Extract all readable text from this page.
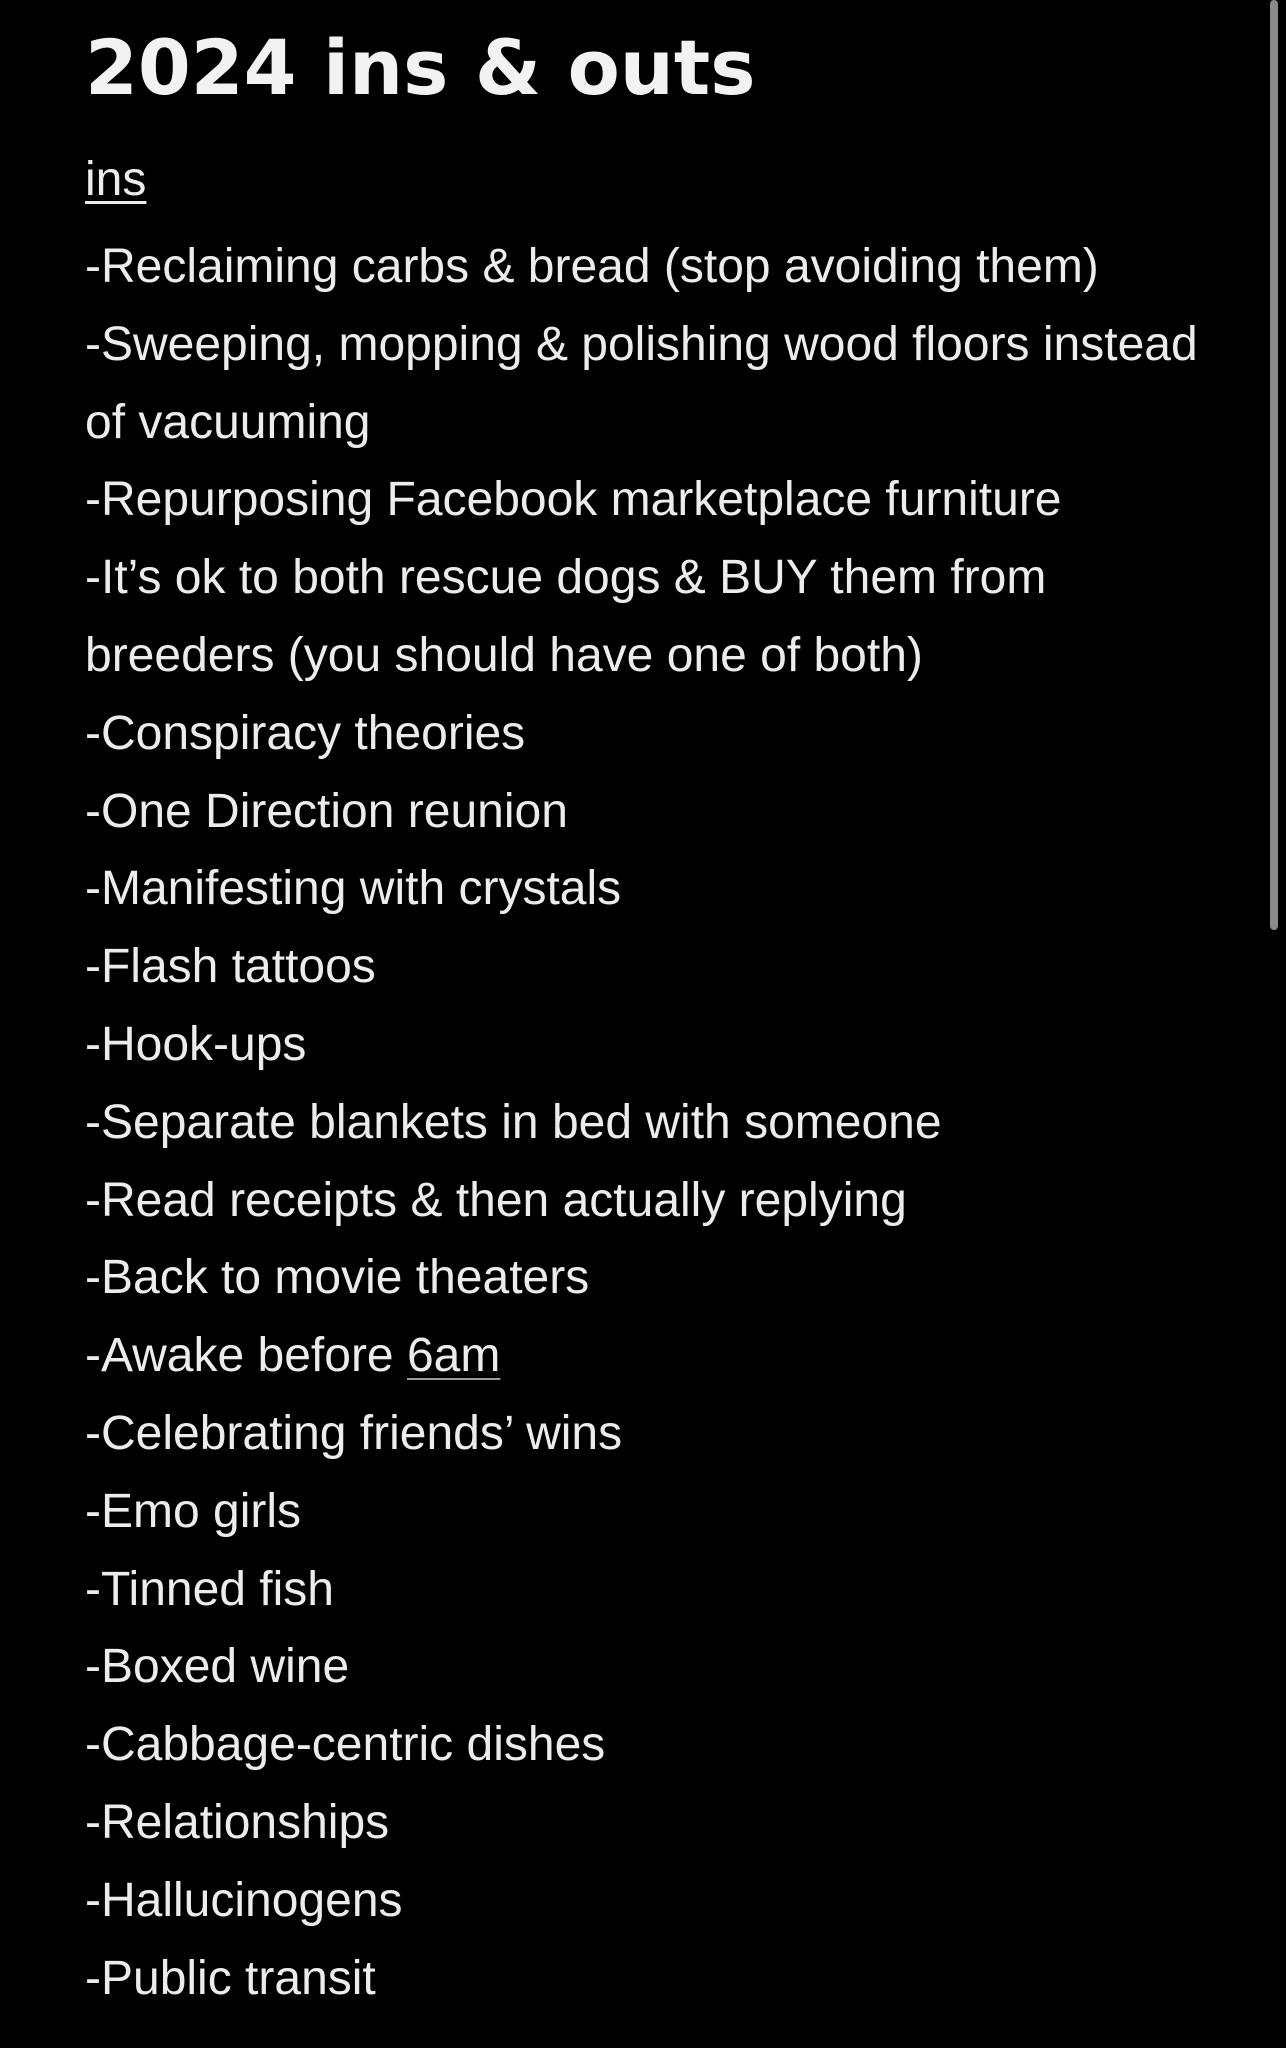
2024 ins & outs
ins
-Reclaiming carbs & bread (stop avoiding them)
-Sweeping, mopping & polishing wood floors instead of vacuuming
-Repurposing Facebook marketplace furniture
-It’s ok to both rescue dogs & BUY them from breeders (you should have one of both)
-Conspiracy theories
-One Direction reunion
-Manifesting with crystals
-Flash tattoos
-Hook-ups
-Separate blankets in bed with someone
-Read receipts & then actually replying
-Back to movie theaters
-Awake before 6am
-Celebrating friends’ wins
-Emo girls
-Tinned fish
-Boxed wine
-Cabbage-centric dishes
-Relationships
-Hallucinogens
-Public transit
